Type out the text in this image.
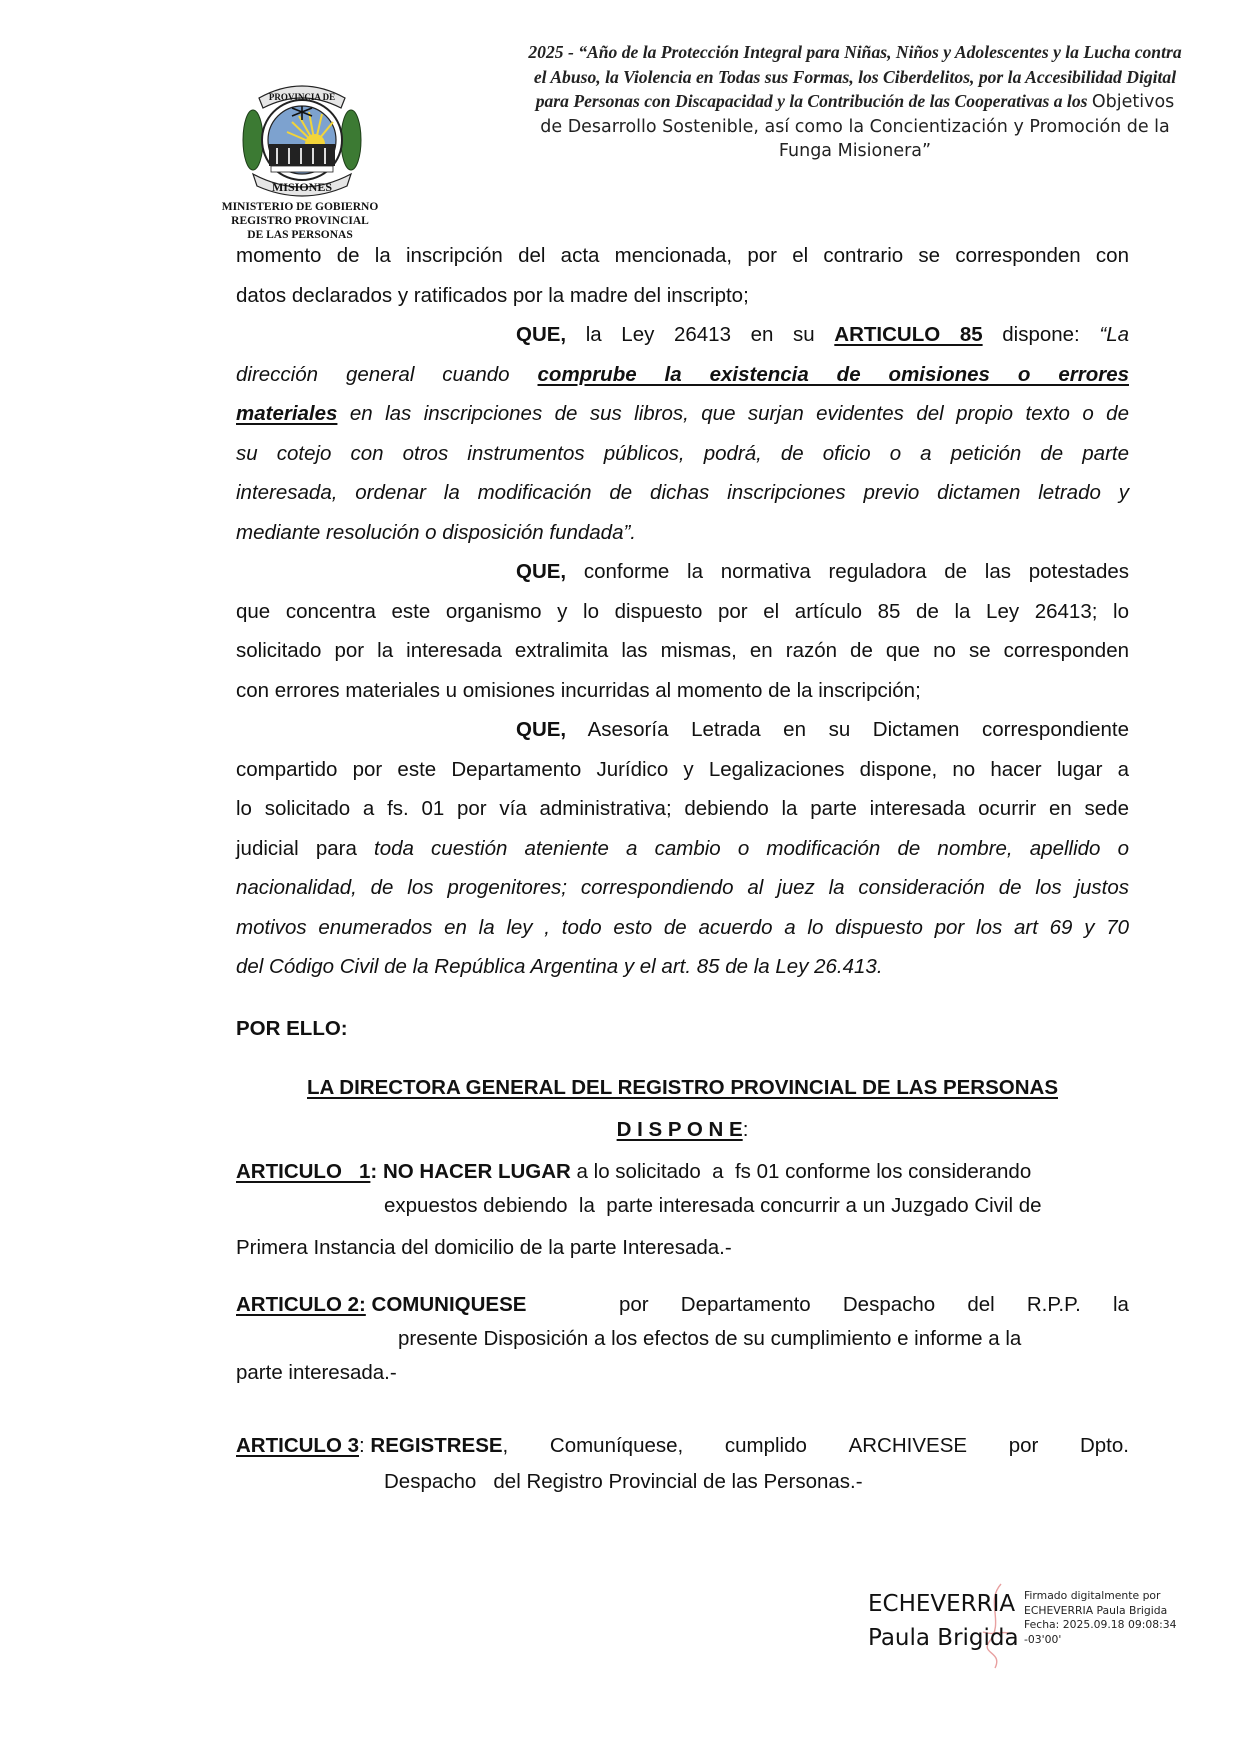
PROVINCIA DE
MISIONES
MINISTERIO DE GOBIERNO
REGISTRO PROVINCIAL
DE LAS PERSONAS
2025 - “Año de la Protección Integral para Niñas, Niños y Adolescentes y la Lucha contra
el Abuso, la Violencia en Todas sus Formas, los Ciberdelitos, por la Accesibilidad Digital
para Personas con Discapacidad y la Contribución de las Cooperativas a los Objetivos
de Desarrollo Sostenible, así como la Concientización y Promoción de la
Funga Misionera”
momento de la inscripción del acta mencionada, por el contrario se corresponden con
datos declarados y ratificados por la madre del inscripto;
QUE, la Ley 26413 en su ARTICULO 85 dispone: “La
dirección general cuando comprube la existencia de omisiones o errores
materiales en las inscripciones de sus libros, que surjan evidentes del propio texto o de
su cotejo con otros instrumentos públicos, podrá, de oficio o a petición de parte
interesada, ordenar la modificación de dichas inscripciones previo dictamen letrado y
mediante resolución o disposición fundada”.
QUE, conforme la normativa reguladora de las potestades
que concentra este organismo y lo dispuesto por el artículo 85 de la Ley 26413; lo
solicitado por la interesada extralimita las mismas, en razón de que no se corresponden
con errores materiales u omisiones incurridas al momento de la inscripción;
QUE, Asesoría Letrada en su Dictamen correspondiente
compartido por este Departamento Jurídico y Legalizaciones dispone, no hacer lugar a
lo solicitado a fs. 01 por vía administrativa; debiendo la parte interesada ocurrir en sede
judicial para toda cuestión ateniente a cambio o modificación de nombre, apellido o
nacionalidad, de los progenitores; correspondiendo al juez la consideración de los justos
motivos enumerados en la ley , todo esto de acuerdo a lo dispuesto por los art 69 y 70
del Código Civil de la República Argentina y el art. 85 de la Ley 26.413.
POR ELLO:
LA DIRECTORA GENERAL DEL REGISTRO PROVINCIAL DE LAS PERSONAS
D I S P O N E:
ARTICULO   1: NO HACER LUGAR a lo solicitado  a  fs 01 conforme los considerando
expuestos debiendo  la  parte interesada concurrir a un Juzgado Civil de
Primera Instancia del domicilio de la parte Interesada.-
ARTICULO 2: COMUNIQUESE	por Departamento Despacho del R.P.P. la
presente Disposición a los efectos de su cumplimiento e informe a la
parte interesada.-
ARTICULO 3: REGISTRESE, Comuníquese, cumplido ARCHIVESE por Dpto.
Despacho   del Registro Provincial de las Personas.-
ECHEVERRIA
Paula Brigida
Firmado digitalmente por
ECHEVERRIA Paula Brigida
Fecha: 2025.09.18 09:08:34
-03'00'
